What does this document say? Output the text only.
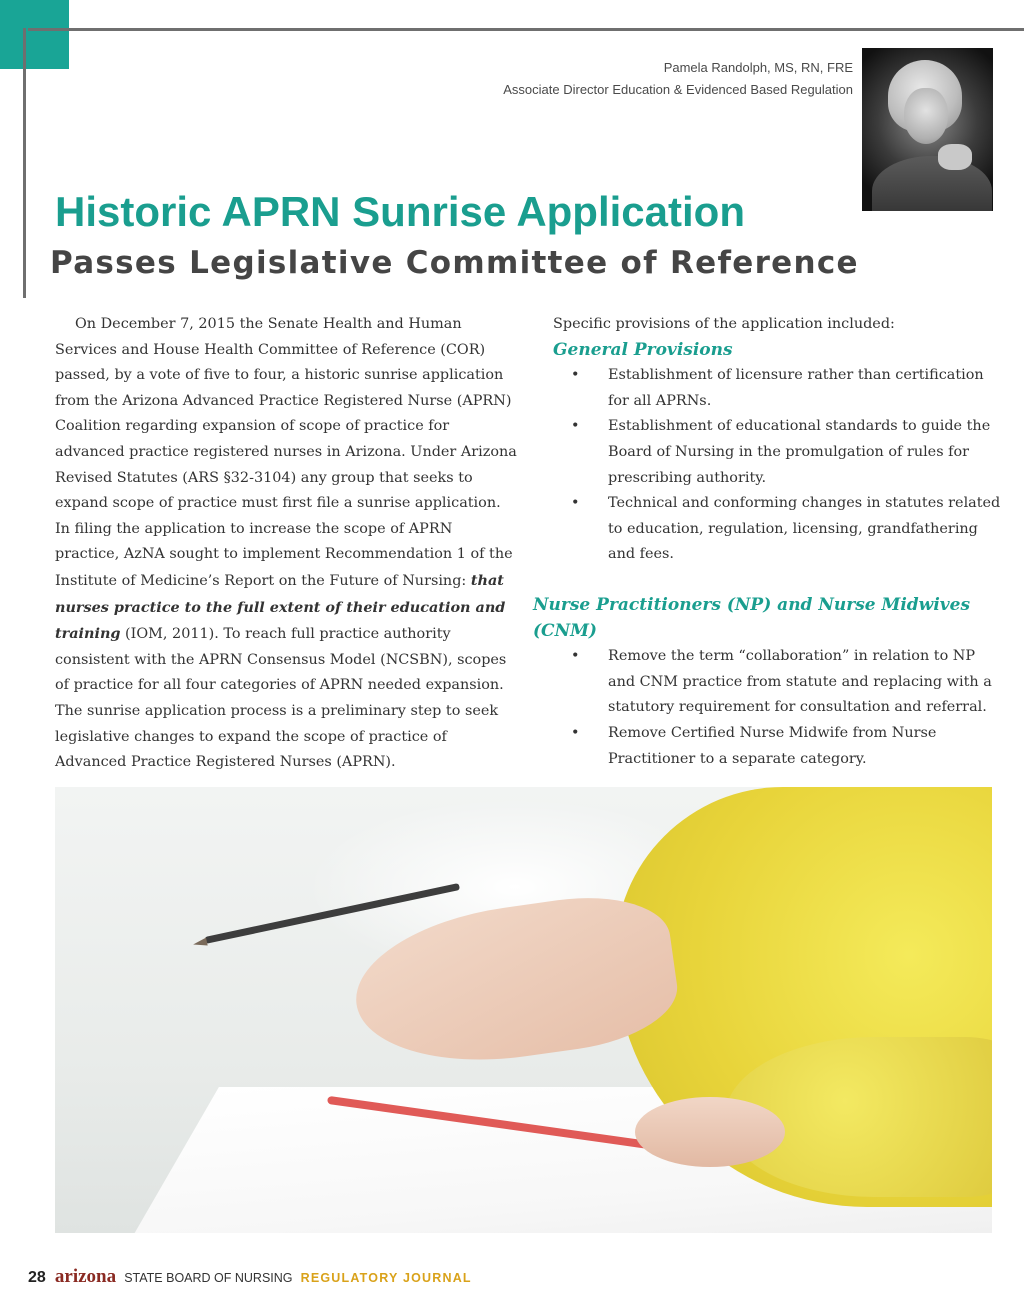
Pamela Randolph, MS, RN, FRE
Associate Director Education & Evidenced Based Regulation
Historic APRN Sunrise Application
Passes Legislative Committee of Reference

On December 7, 2015 the Senate Health and Human Services and House Health Committee of Reference (COR) passed, by a vote of five to four, a historic sunrise application from the Arizona Advanced Practice Registered Nurse (APRN) Coalition regarding expansion of scope of practice for advanced practice registered nurses in Arizona. Under Arizona Revised Statutes (ARS §32-3104) any group that seeks to expand scope of practice must first file a sunrise application. In filing the application to increase the scope of APRN practice, AzNA sought to implement Recommendation 1 of the Institute of Medicine’s Report on the Future of Nursing: that nurses practice to the full extent of their education and training (IOM, 2011). To reach full practice authority consistent with the APRN Consensus Model (NCSBN), scopes of practice for all four categories of APRN needed expansion. The sunrise application process is a preliminary step to seek legislative changes to expand the scope of practice of Advanced Practice Registered Nurses (APRN).

Specific provisions of the application included:
General Provisions
• Establishment of licensure rather than certification for all APRNs.
• Establishment of educational standards to guide the Board of Nursing in the promulgation of rules for prescribing authority.
• Technical and conforming changes in statutes related to education, regulation, licensing, grandfathering and fees.
Nurse Practitioners (NP) and Nurse Midwives (CNM)
• Remove the term “collaboration” in relation to NP and CNM practice from statute and replacing with a statutory requirement for consultation and referral.
• Remove Certified Nurse Midwife from Nurse Practitioner to a separate category.
28 arizona STATE BOARD OF NURSING REGULATORY JOURNAL
